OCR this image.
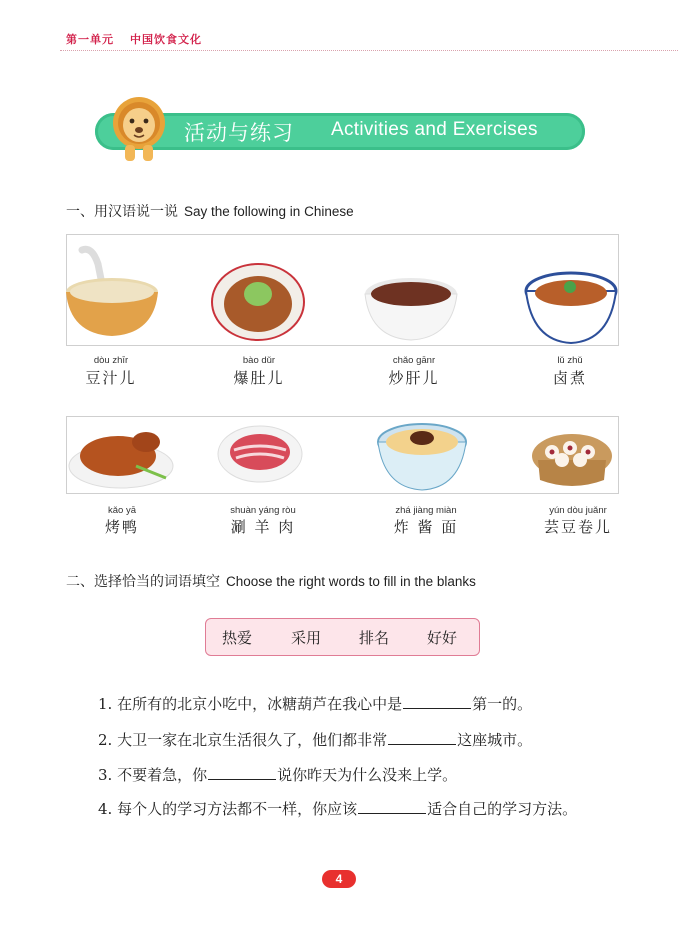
第一单元 中国饮食文化
活动与练习 Activities and Exercises
一、用汉语说一说 Say the following in Chinese
dòu zhīr
豆汁儿
bào dǔr
爆肚儿
chǎo gānr
炒肝儿
lǔ zhǔ
卤煮
kǎo yā
烤鸭
shuàn yáng ròu
涮 羊 肉
zhá jiàng miàn
炸 酱 面
yún dòu juǎnr
芸豆卷儿
二、选择恰当的词语填空 Choose the right words to fill in the blanks
热爱	采用	排名	好好
1. 在所有的北京小吃中，冰糖葫芦在我心中是	第一的。
2. 大卫一家在北京生活很久了，他们都非常	这座城市。
3. 不要着急，你	说你昨天为什么没来上学。
4. 每个人的学习方法都不一样，你应该	适合自己的学习方法。
4
